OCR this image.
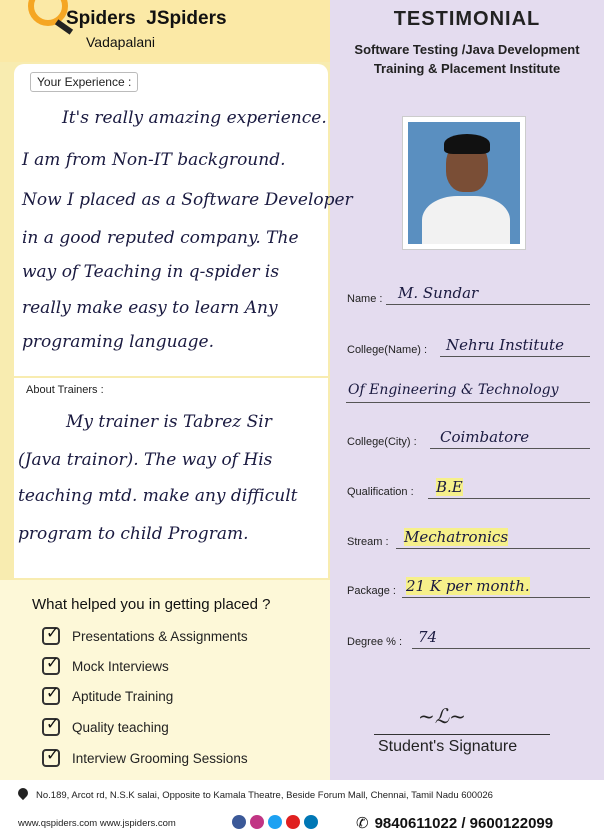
Spiders JSpiders
Vadapalani
Your Experience :
It's really amazing experience.
I am from Non-IT background.
Now I placed as a Software Developer
in a good reputed company. The
way of Teaching in q-spider is
really make easy to learn Any
programing language.
About Trainers :
My trainer is Tabrez Sir
(Java trainor). The way of His
teaching mtd. make any difficult
program to child Program.
What helped you in getting placed ?
✓ Presentations & Assignments
✓ Mock Interviews
✓ Aptitude Training
✓ Quality teaching
✓ Interview Grooming Sessions
TESTIMONIAL
Software Testing /Java Development
Training & Placement Institute
Name : M. Sundar
College(Name) : Nehru Institute
Of Engineering & Technology
College(City) : Coimbatore
Qualification : B.E
Stream : Mechatronics
Package : 21 K per month.
Degree % : 74
~ℒ~
Student's Signature
No.189, Arcot rd, N.S.K salai, Opposite to Kamala Theatre, Beside Forum Mall, Chennai, Tamil Nadu 600026
www.qspiders.com www.jspiders.com	✆ 9840611022 / 9600122099
